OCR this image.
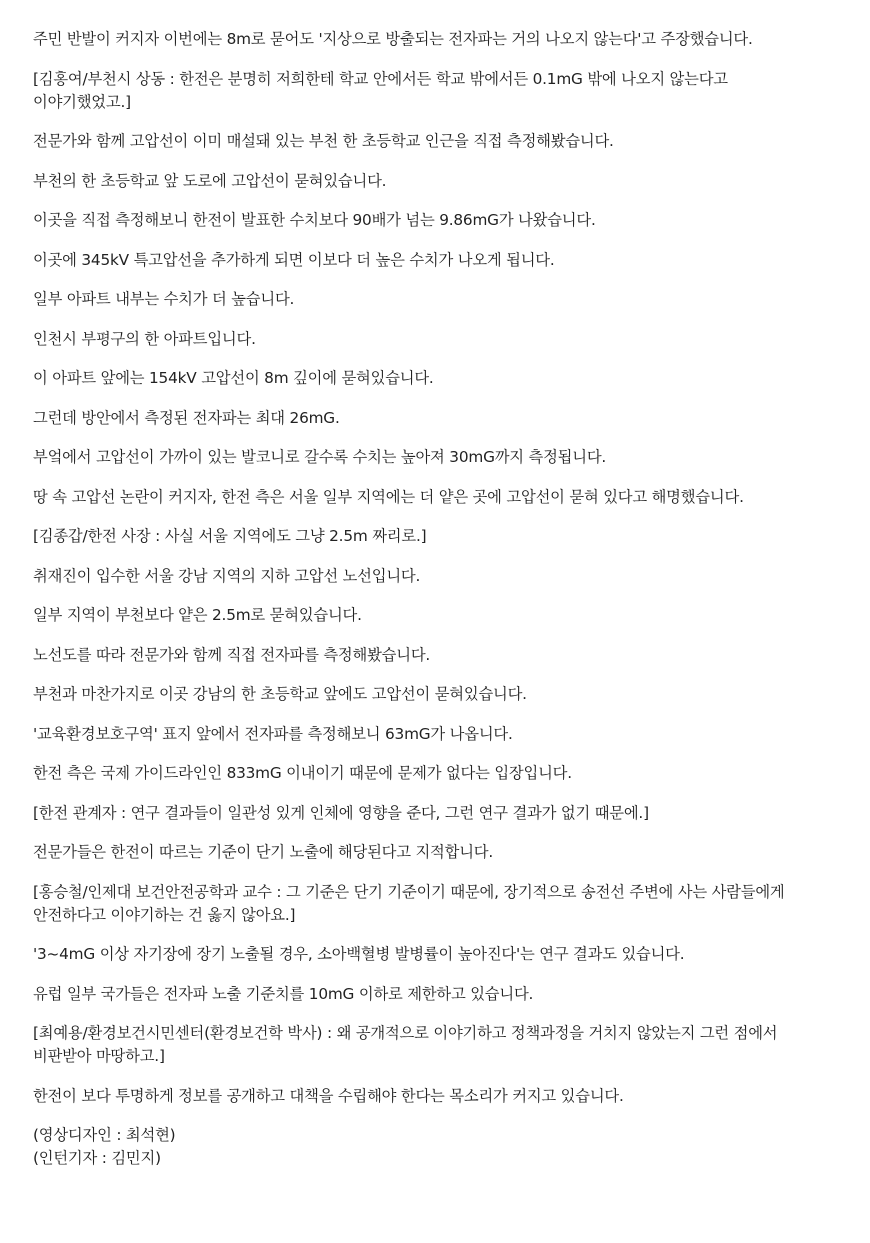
주민 반발이 커지자 이번에는 8m로 묻어도 '지상으로 방출되는 전자파는 거의 나오지 않는다'고 주장했습니다.

[김홍여/부천시 상동 : 한전은 분명히 저희한테 학교 안에서든 학교 밖에서든 0.1mG 밖에 나오지 않는다고 이야기했었고.]

전문가와 함께 고압선이 이미 매설돼 있는 부천 한 초등학교 인근을 직접 측정해봤습니다.

부천의 한 초등학교 앞 도로에 고압선이 묻혀있습니다.

이곳을 직접 측정해보니 한전이 발표한 수치보다 90배가 넘는 9.86mG가 나왔습니다.

이곳에 345kV 특고압선을 추가하게 되면 이보다 더 높은 수치가 나오게 됩니다.

일부 아파트 내부는 수치가 더 높습니다.

인천시 부평구의 한 아파트입니다.

이 아파트 앞에는 154kV 고압선이 8m 깊이에 묻혀있습니다.

그런데 방안에서 측정된 전자파는 최대 26mG.

부엌에서 고압선이 가까이 있는 발코니로 갈수록 수치는 높아져 30mG까지 측정됩니다.

땅 속 고압선 논란이 커지자, 한전 측은 서울 일부 지역에는 더 얕은 곳에 고압선이 묻혀 있다고 해명했습니다.

[김종갑/한전 사장 : 사실 서울 지역에도 그냥 2.5m 짜리로.]

취재진이 입수한 서울 강남 지역의 지하 고압선 노선입니다.

일부 지역이 부천보다 얕은 2.5m로 묻혀있습니다.

노선도를 따라 전문가와 함께 직접 전자파를 측정해봤습니다.

부천과 마찬가지로 이곳 강남의 한 초등학교 앞에도 고압선이 묻혀있습니다.

'교육환경보호구역' 표지 앞에서 전자파를 측정해보니 63mG가 나옵니다.

한전 측은 국제 가이드라인인 833mG 이내이기 때문에 문제가 없다는 입장입니다.

[한전 관계자 : 연구 결과들이 일관성 있게 인체에 영향을 준다, 그런 연구 결과가 없기 때문에.]

전문가들은 한전이 따르는 기준이 단기 노출에 해당된다고 지적합니다.

[홍승철/인제대 보건안전공학과 교수 : 그 기준은 단기 기준이기 때문에, 장기적으로 송전선 주변에 사는 사람들에게 안전하다고 이야기하는 건 옳지 않아요.]

'3~4mG 이상 자기장에 장기 노출될 경우, 소아백혈병 발병률이 높아진다'는 연구 결과도 있습니다.

유럽 일부 국가들은 전자파 노출 기준치를 10mG 이하로 제한하고 있습니다.

[최예용/환경보건시민센터(환경보건학 박사) : 왜 공개적으로 이야기하고 정책과정을 거치지 않았는지 그런 점에서 비판받아 마땅하고.]

한전이 보다 투명하게 정보를 공개하고 대책을 수립해야 한다는 목소리가 커지고 있습니다.

(영상디자인 : 최석현)
(인턴기자 : 김민지)
